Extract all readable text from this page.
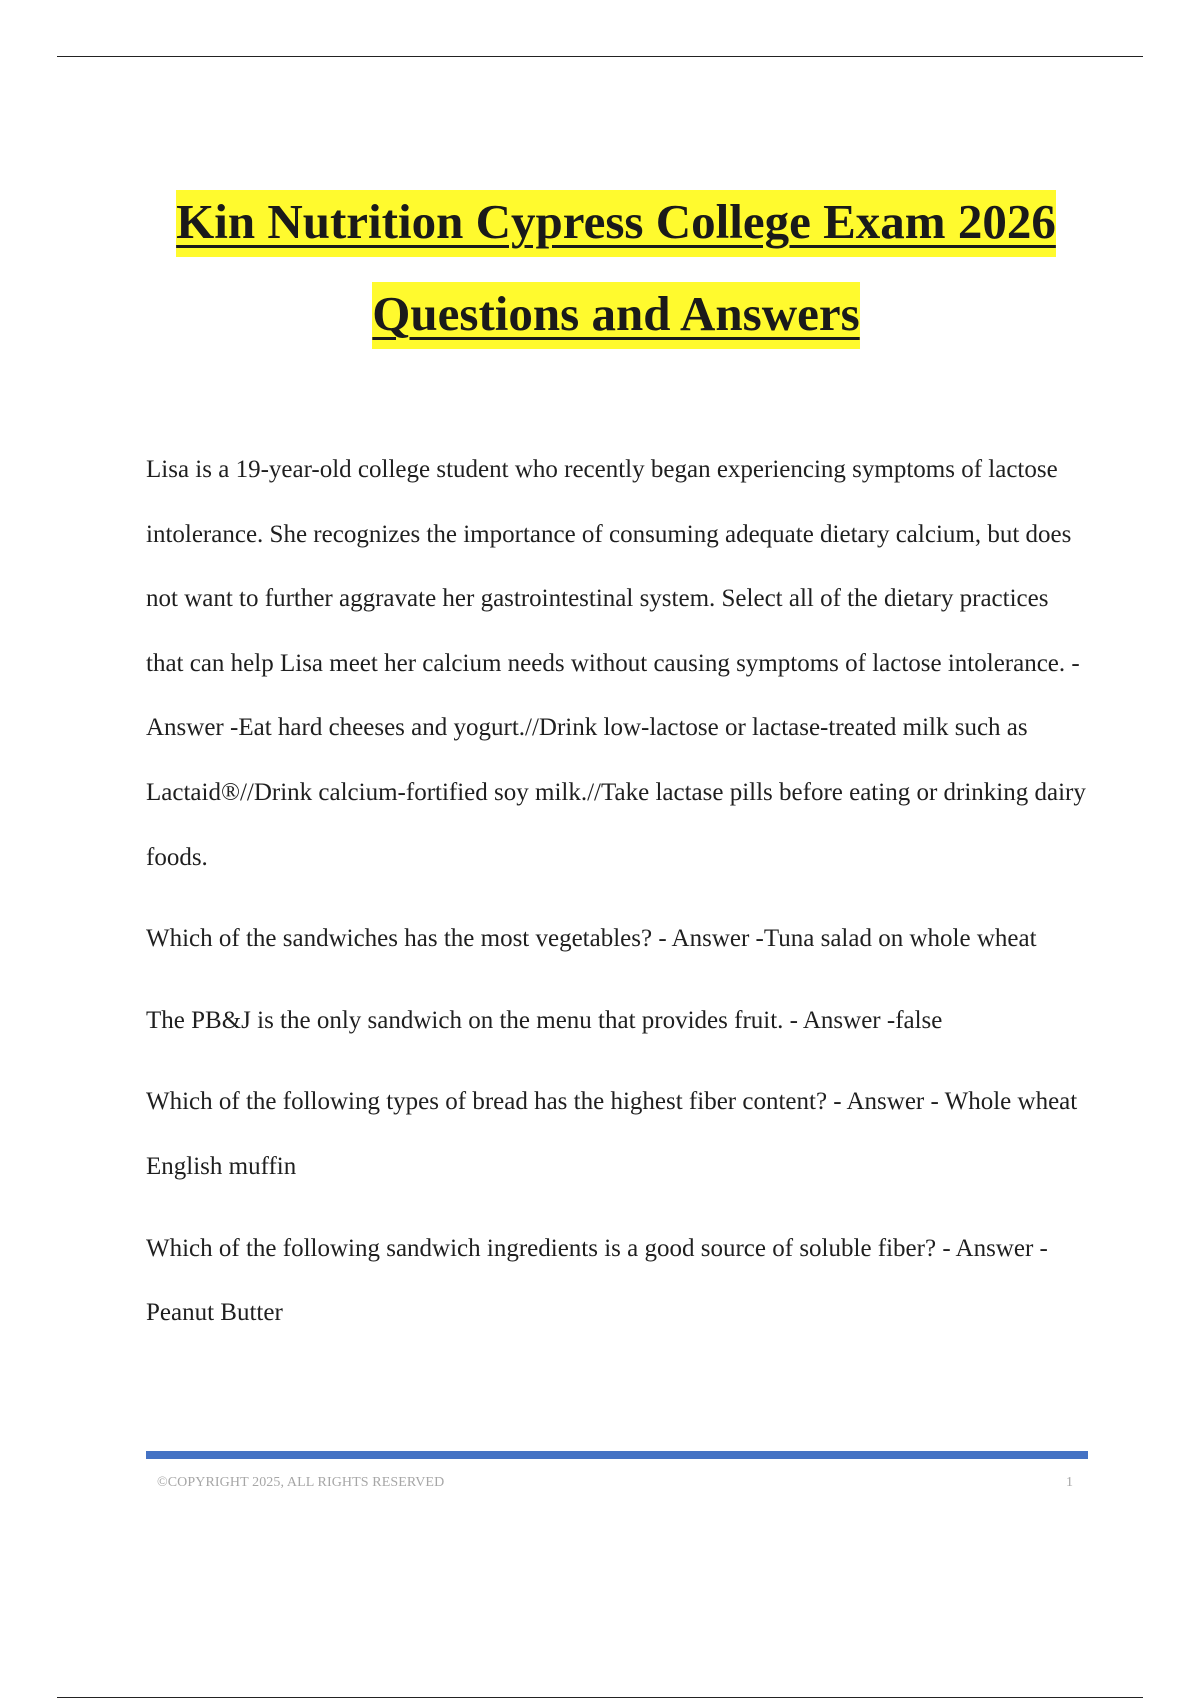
Kin Nutrition Cypress College Exam 2026
Questions and Answers

Lisa is a 19-year-old college student who recently began experiencing symptoms of lactose intolerance. She recognizes the importance of consuming adequate dietary calcium, but does not want to further aggravate her gastrointestinal system. Select all of the dietary practices that can help Lisa meet her calcium needs without causing symptoms of lactose intolerance. - Answer -Eat hard cheeses and yogurt.//Drink low-lactose or lactase-treated milk such as Lactaid®//Drink calcium-fortified soy milk.//Take lactase pills before eating or drinking dairy foods.

Which of the sandwiches has the most vegetables? - Answer -Tuna salad on whole wheat

The PB&J is the only sandwich on the menu that provides fruit. - Answer -false

Which of the following types of bread has the highest fiber content? - Answer - Whole wheat English muffin

Which of the following sandwich ingredients is a good source of soluble fiber? - Answer -Peanut Butter

©COPYRIGHT 2025, ALL RIGHTS RESERVED	1
